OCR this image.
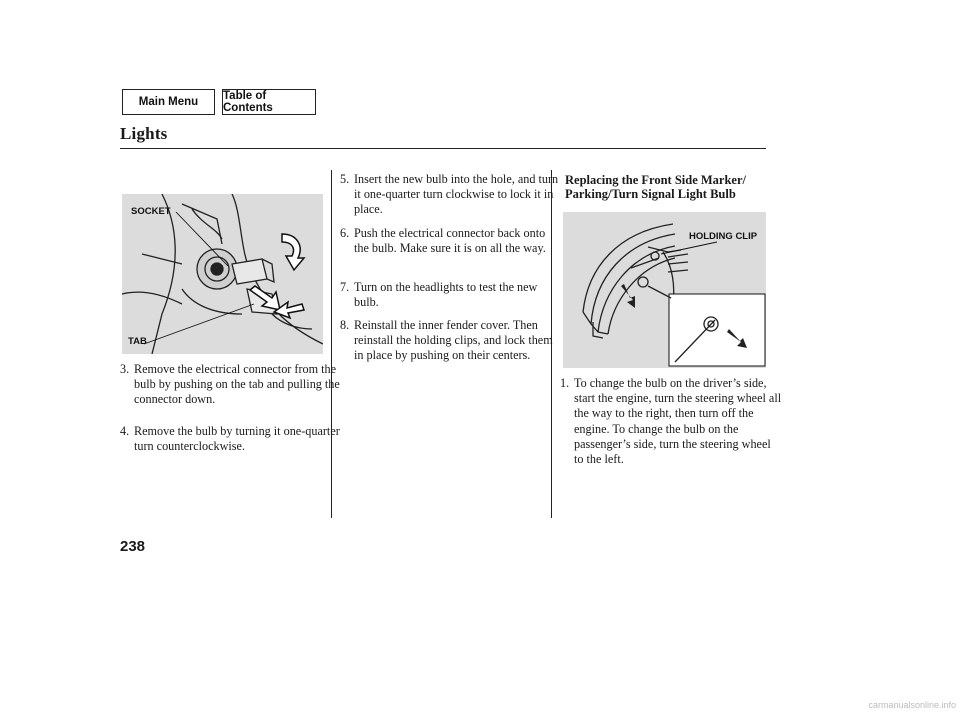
Main Menu	Table of Contents
Lights
SOCKET
TAB
3. Remove the electrical connector from the bulb by pushing on the tab and pulling the connector down.
4. Remove the bulb by turning it one-quarter turn counterclockwise.
5. Insert the new bulb into the hole, and turn it one-quarter turn clockwise to lock it in place.
6. Push the electrical connector back onto the bulb. Make sure it is on all the way.
7. Turn on the headlights to test the new bulb.
8. Reinstall the inner fender cover. Then reinstall the holding clips, and lock them in place by pushing on their centers.
Replacing the Front Side Marker/
Parking/Turn Signal Light Bulb
HOLDING CLIP
1. To change the bulb on the driver’s side, start the engine, turn the steering wheel all the way to the right, then turn off the engine. To change the bulb on the passenger’s side, turn the steering wheel to the left.
238
carmanualsonline.info
